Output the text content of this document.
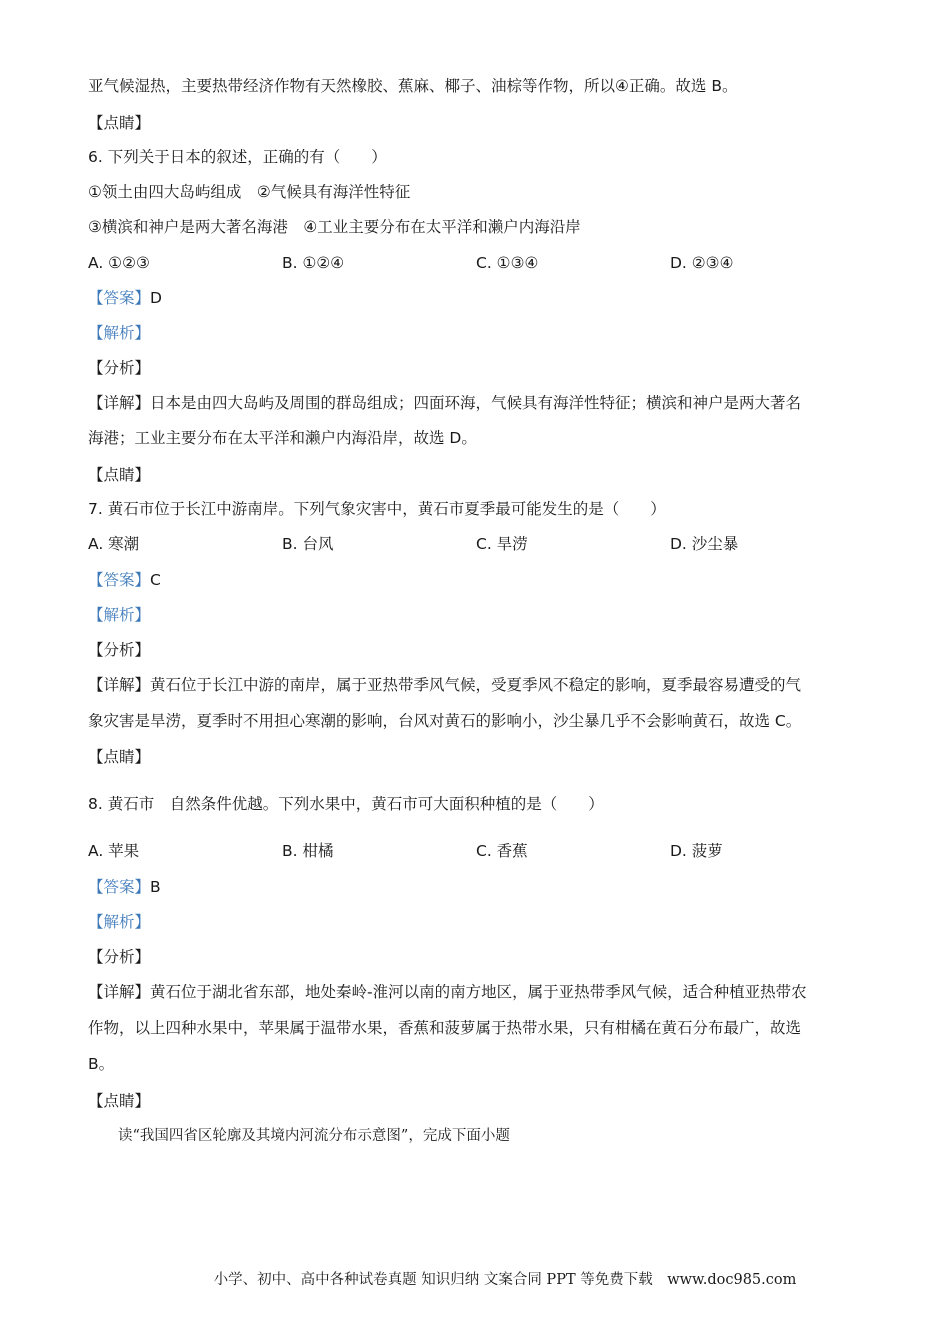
亚气候湿热，主要热带经济作物有天然橡胶、蕉麻、椰子、油棕等作物，所以④正确。故选 B。
【点睛】
6. 下列关于日本的叙述，正确的有（　　）
①领土由四大岛屿组成　②气候具有海洋性特征
③横滨和神户是两大著名海港　④工业主要分布在太平洋和濑户内海沿岸
A. ①②③	B. ①②④	C. ①③④	D. ②③④
【答案】D
【解析】
【分析】
【详解】日本是由四大岛屿及周围的群岛组成；四面环海，气候具有海洋性特征；横滨和神户是两大著名
海港；工业主要分布在太平洋和濑户内海沿岸，故选 D。
【点睛】
7. 黄石市位于长江中游南岸。下列气象灾害中，黄石市夏季最可能发生的是（　　）
A. 寒潮	B. 台风	C. 旱涝	D. 沙尘暴
【答案】C
【解析】
【分析】
【详解】黄石位于长江中游的南岸，属于亚热带季风气候，受夏季风不稳定的影响，夏季最容易遭受的气
象灾害是旱涝，夏季时不用担心寒潮的影响，台风对黄石的影响小，沙尘暴几乎不会影响黄石，故选 C。
【点睛】
8. 黄石市　自然条件优越。下列水果中，黄石市可大面积种植的是（　　）
A. 苹果	B. 柑橘	C. 香蕉	D. 菠萝
【答案】B
【解析】
【分析】
【详解】黄石位于湖北省东部，地处秦岭-淮河以南的南方地区，属于亚热带季风气候，适合种植亚热带农
作物，以上四种水果中，苹果属于温带水果，香蕉和菠萝属于热带水果，只有柑橘在黄石分布最广，故选
B。
【点睛】
读“我国四省区轮廓及其境内河流分布示意图”，完成下面小题
小学、初中、高中各种试卷真题 知识归纳 文案合同 PPT 等免费下载　www.doc985.com
